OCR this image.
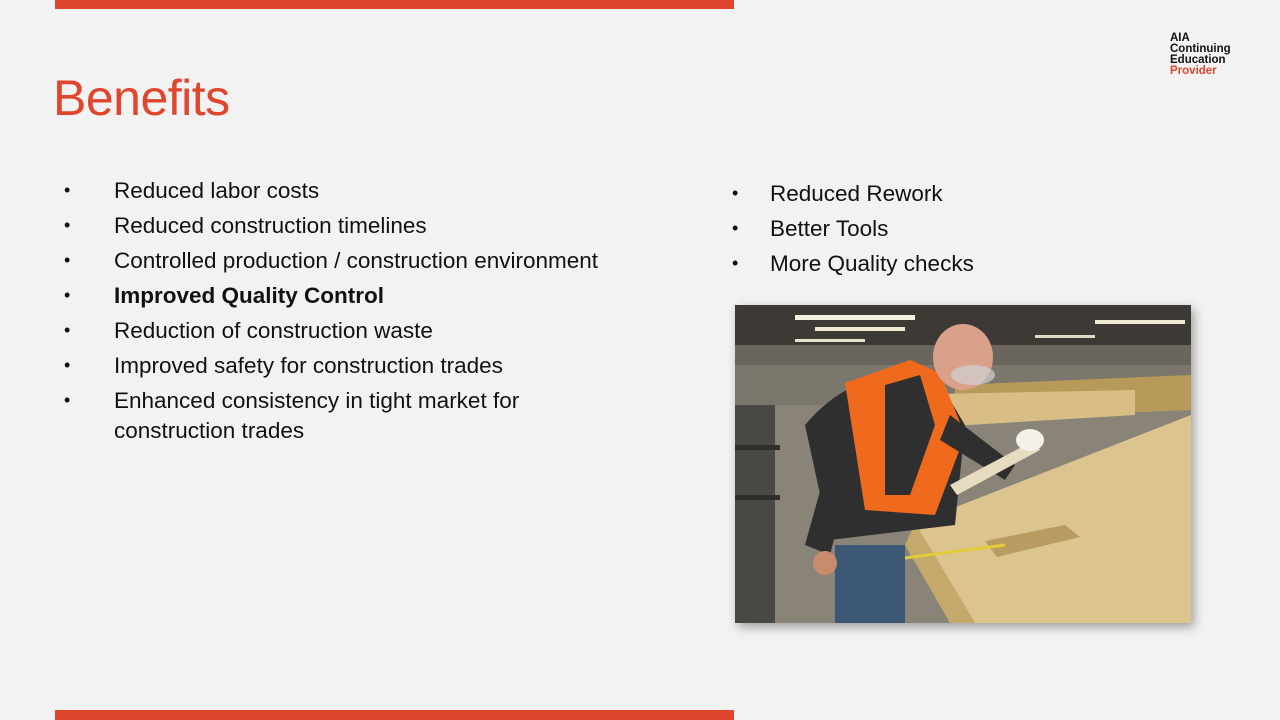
Benefits
AIA
Continuing
Education
Provider
• Reduced labor costs
• Reduced construction timelines
• Controlled production / construction environment
• Improved Quality Control
• Reduction of construction waste
• Improved safety for construction trades
• Enhanced consistency in tight market for construction trades
• Reduced Rework
• Better Tools
• More Quality checks
